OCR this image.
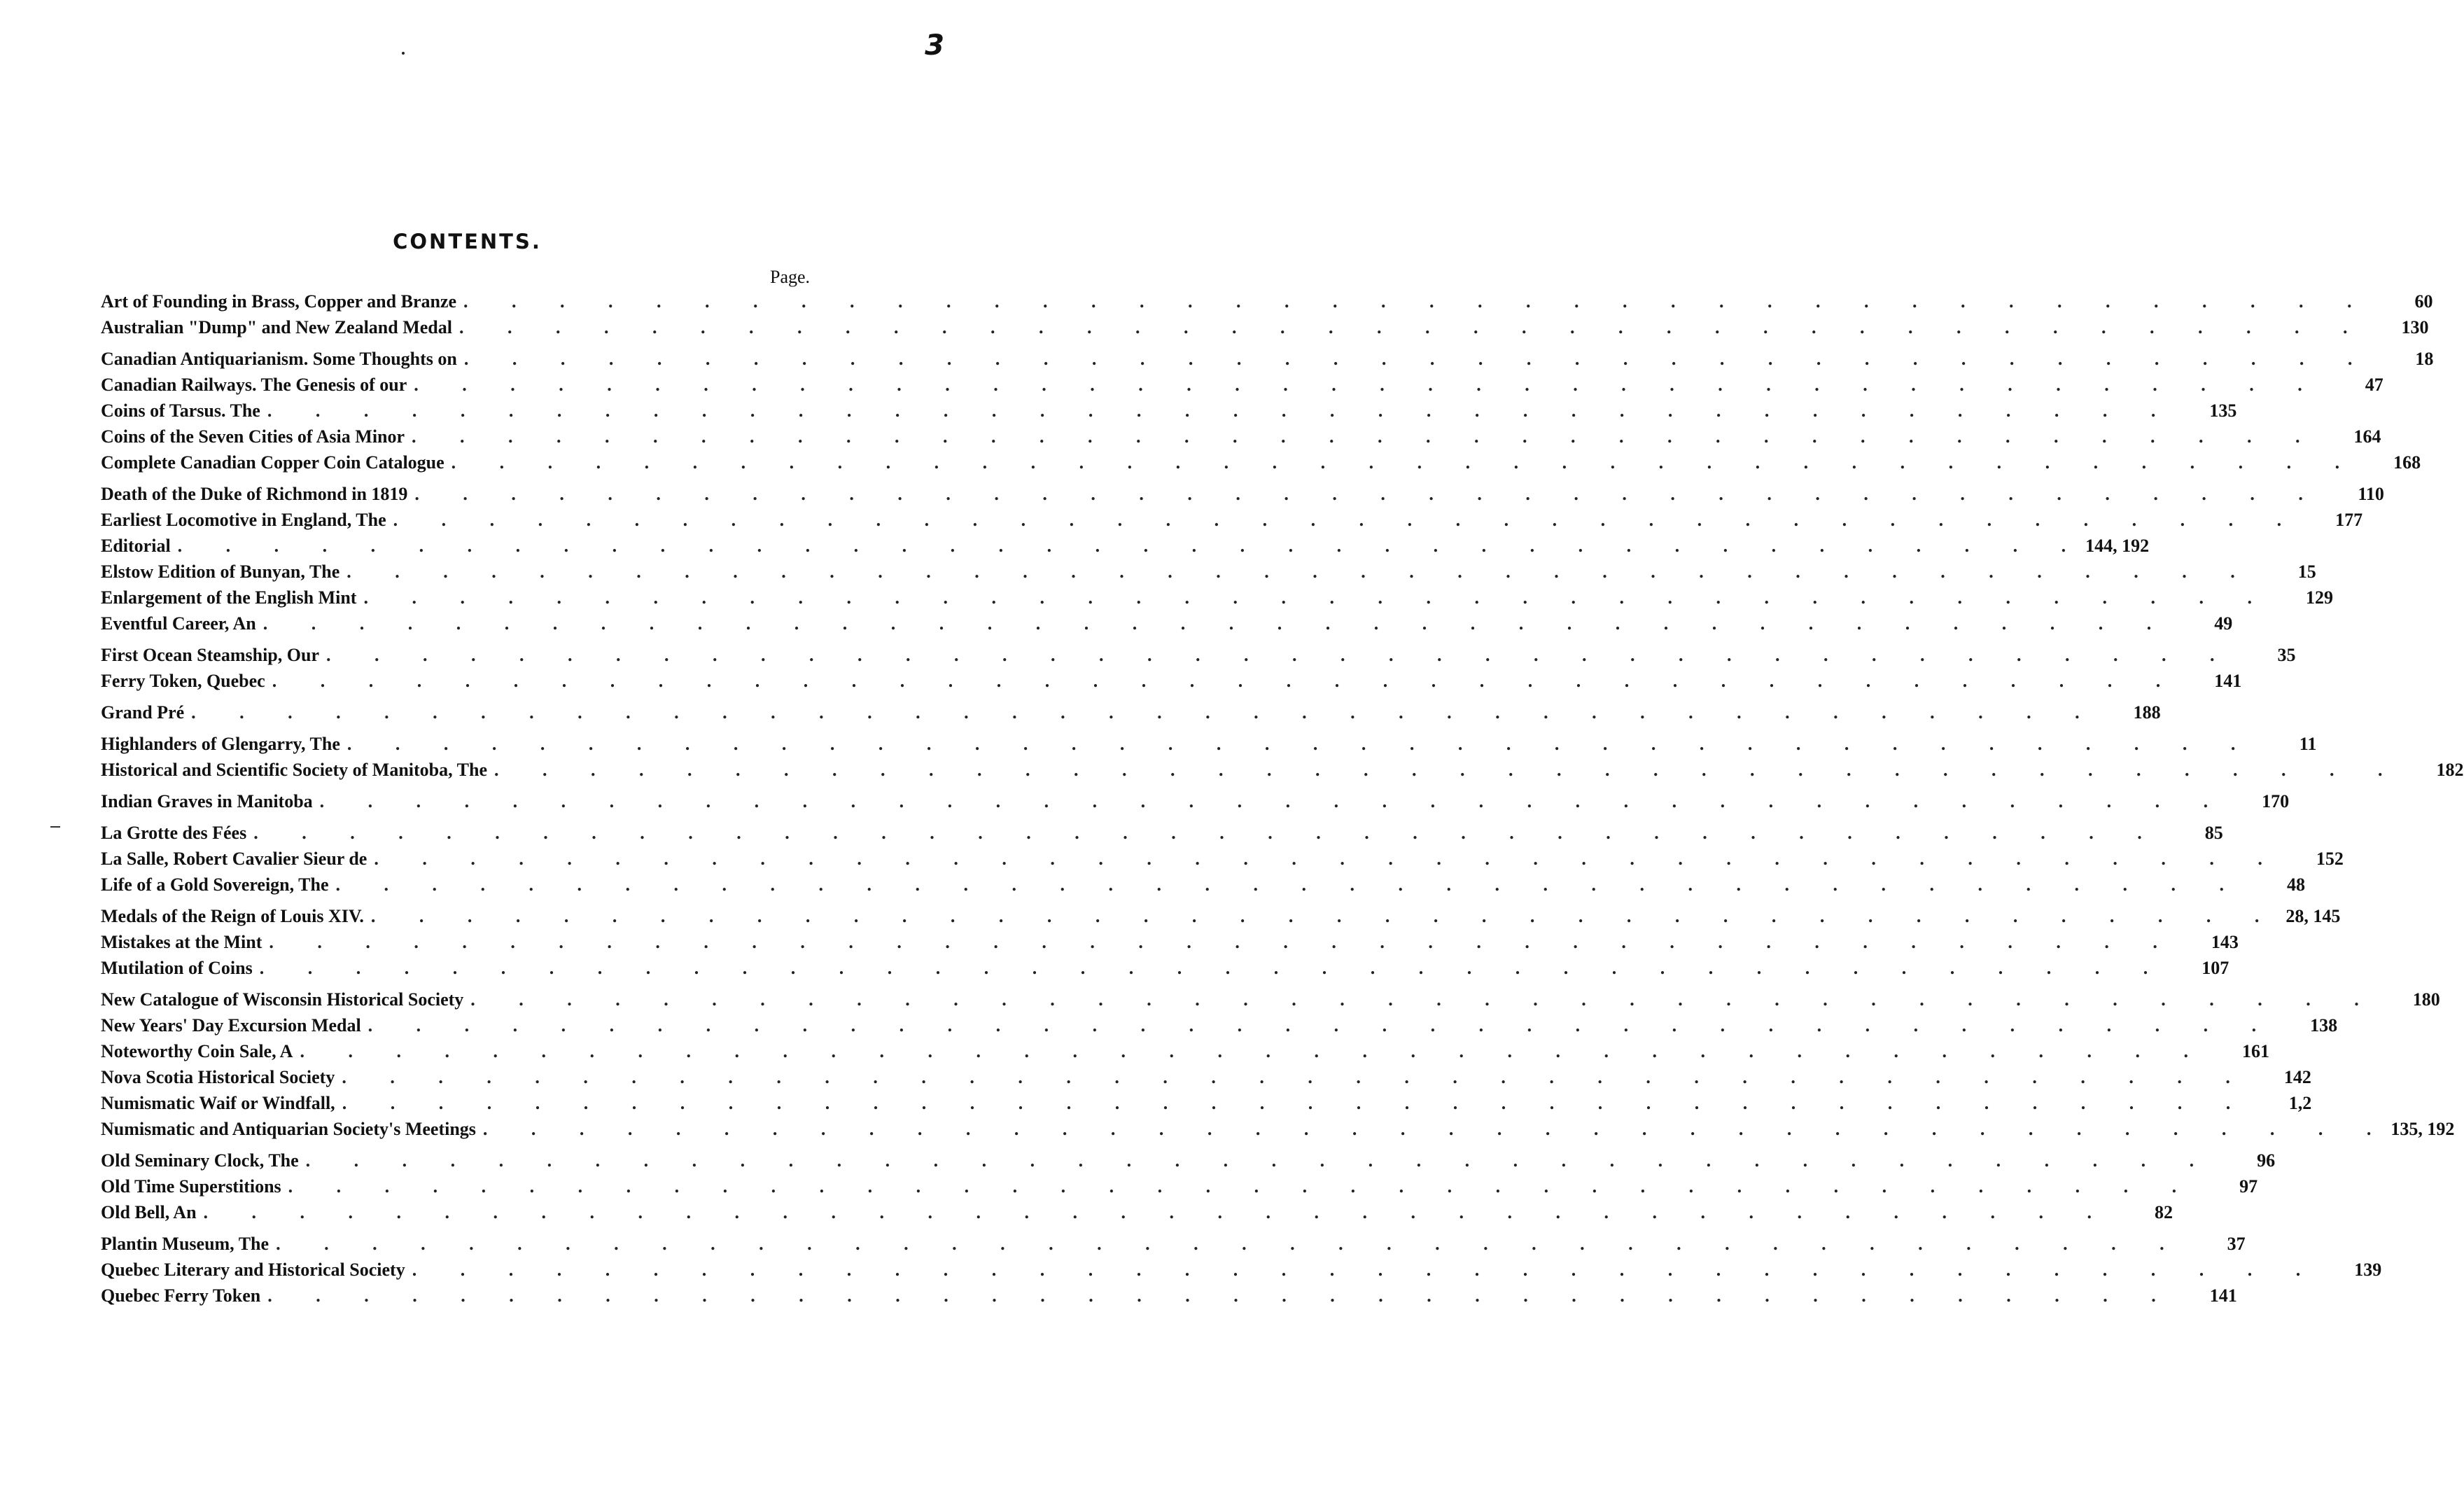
3
CONTENTS.
Page.
Art of Founding in Brass, Copper and Branze . . . . . . . . . . . . . . . . . . . . . . . . . . . . . . . . . . . . . . . .	60
Australian "Dump" and New Zealand Medal . . . . . . . . . . . . . . . . . . . . . . . . . . . . . . . . . . . . . . . .	130
Canadian Antiquarianism. Some Thoughts on . . . . . . . . . . . . . . . . . . . . . . . . . . . . . . . . . . . . . . . .	18
Canadian Railways. The Genesis of our . . . . . . . . . . . . . . . . . . . . . . . . . . . . . . . . . . . . . . . .	47
Coins of Tarsus. The . . . . . . . . . . . . . . . . . . . . . . . . . . . . . . . . . . . . . . . .	135
Coins of the Seven Cities of Asia Minor . . . . . . . . . . . . . . . . . . . . . . . . . . . . . . . . . . . . . . . .	164
Complete Canadian Copper Coin Catalogue . . . . . . . . . . . . . . . . . . . . . . . . . . . . . . . . . . . . . . . .	168
Death of the Duke of Richmond in 1819 . . . . . . . . . . . . . . . . . . . . . . . . . . . . . . . . . . . . . . . .	110
Earliest Locomotive in England, The . . . . . . . . . . . . . . . . . . . . . . . . . . . . . . . . . . . . . . . .	177
Editorial . . . . . . . . . . . . . . . . . . . . . . . . . . . . . . . . . . . . . . . . 144, 192
Elstow Edition of Bunyan, The . . . . . . . . . . . . . . . . . . . . . . . . . . . . . . . . . . . . . . . .	15
Enlargement of the English Mint . . . . . . . . . . . . . . . . . . . . . . . . . . . . . . . . . . . . . . . .	129
Eventful Career, An . . . . . . . . . . . . . . . . . . . . . . . . . . . . . . . . . . . . . . . .	49
First Ocean Steamship, Our . . . . . . . . . . . . . . . . . . . . . . . . . . . . . . . . . . . . . . . .	35
Ferry Token, Quebec . . . . . . . . . . . . . . . . . . . . . . . . . . . . . . . . . . . . . . . .	141
Grand Pré . . . . . . . . . . . . . . . . . . . . . . . . . . . . . . . . . . . . . . . .	188
Highlanders of Glengarry, The . . . . . . . . . . . . . . . . . . . . . . . . . . . . . . . . . . . . . . . .	11
Historical and Scientific Society of Manitoba, The . . . . . . . . . . . . . . . . . . . . . . . . . . . . . . . . . . . . . . . .	182
Indian Graves in Manitoba . . . . . . . . . . . . . . . . . . . . . . . . . . . . . . . . . . . . . . . .	170
La Grotte des Fées . . . . . . . . . . . . . . . . . . . . . . . . . . . . . . . . . . . . . . . .	85
La Salle, Robert Cavalier Sieur de . . . . . . . . . . . . . . . . . . . . . . . . . . . . . . . . . . . . . . . .	152
Life of a Gold Sovereign, The . . . . . . . . . . . . . . . . . . . . . . . . . . . . . . . . . . . . . . . .	48
Medals of the Reign of Louis XIV. . . . . . . . . . . . . . . . . . . . . . . . . . . . . . . . . . . . . . . . . 28, 145
Mistakes at the Mint . . . . . . . . . . . . . . . . . . . . . . . . . . . . . . . . . . . . . . . .	143
Mutilation of Coins . . . . . . . . . . . . . . . . . . . . . . . . . . . . . . . . . . . . . . . .	107
New Catalogue of Wisconsin Historical Society . . . . . . . . . . . . . . . . . . . . . . . . . . . . . . . . . . . . . . . .	180
New Years' Day Excursion Medal . . . . . . . . . . . . . . . . . . . . . . . . . . . . . . . . . . . . . . . .	138
Noteworthy Coin Sale, A . . . . . . . . . . . . . . . . . . . . . . . . . . . . . . . . . . . . . . . .	161
Nova Scotia Historical Society . . . . . . . . . . . . . . . . . . . . . . . . . . . . . . . . . . . . . . . .	142
Numismatic Waif or Windfall, . . . . . . . . . . . . . . . . . . . . . . . . . . . . . . . . . . . . . . . .	1,2
Numismatic and Antiquarian Society's Meetings . . . . . . . . . . . . . . . . . . . . . . . . . . . . . . . . . . . . . . . . 135, 192
Old Seminary Clock, The . . . . . . . . . . . . . . . . . . . . . . . . . . . . . . . . . . . . . . . .	96
Old Time Superstitions . . . . . . . . . . . . . . . . . . . . . . . . . . . . . . . . . . . . . . . .	97
Old Bell, An . . . . . . . . . . . . . . . . . . . . . . . . . . . . . . . . . . . . . . . .	82
Plantin Museum, The . . . . . . . . . . . . . . . . . . . . . . . . . . . . . . . . . . . . . . . .	37
Quebec Literary and Historical Society . . . . . . . . . . . . . . . . . . . . . . . . . . . . . . . . . . . . . . . .	139
Quebec Ferry Token . . . . . . . . . . . . . . . . . . . . . . . . . . . . . . . . . . . . . . . .	141
